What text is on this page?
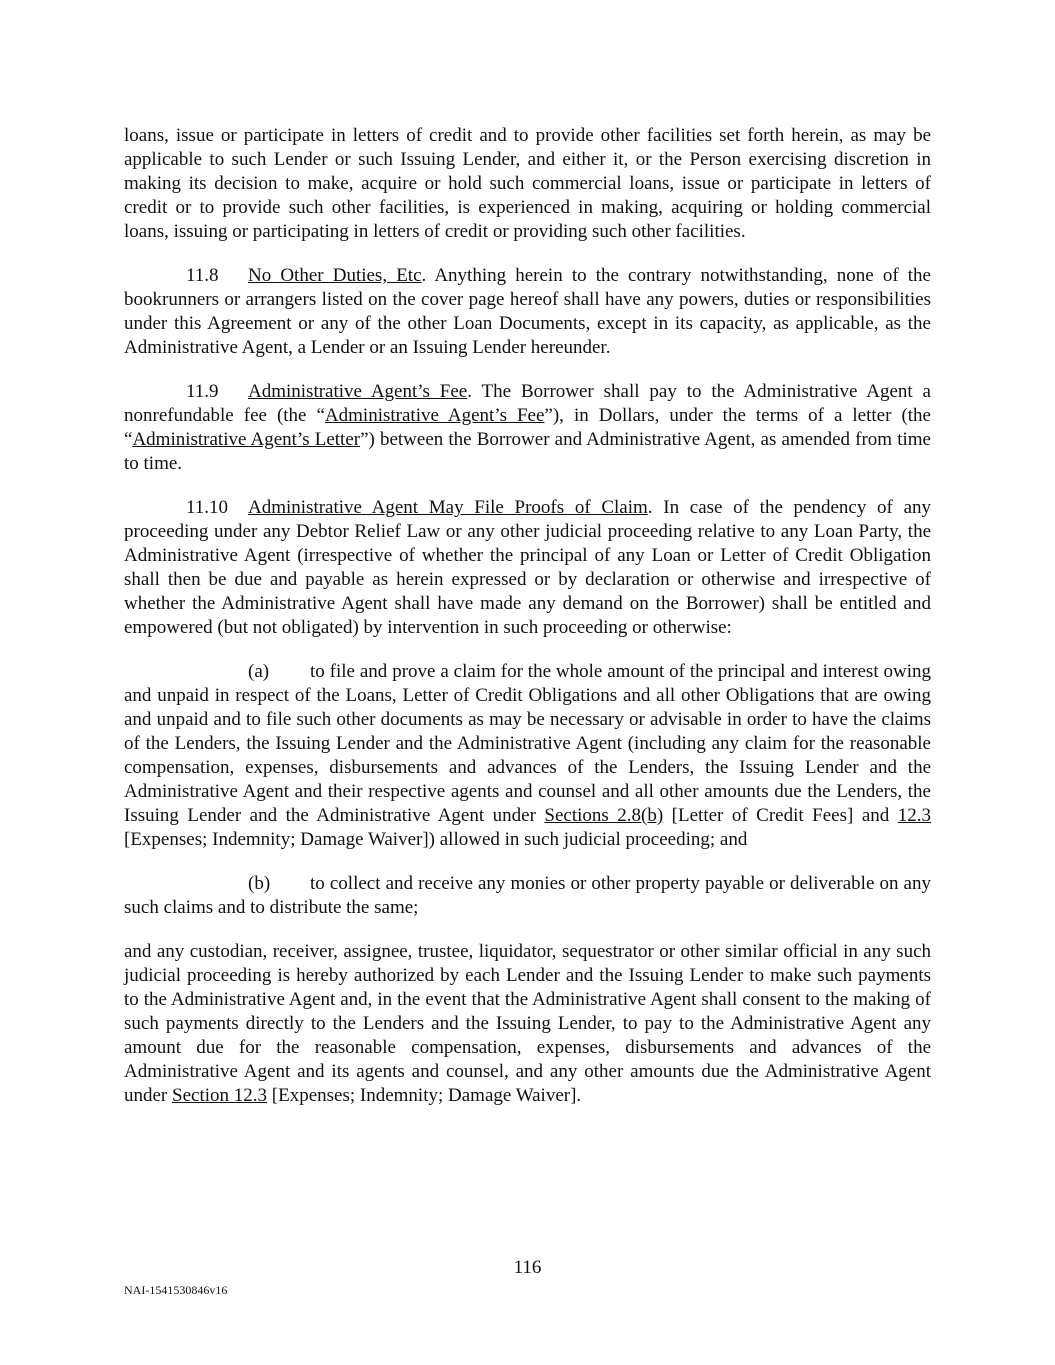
loans, issue or participate in letters of credit and to provide other facilities set forth herein, as may be applicable to such Lender or such Issuing Lender, and either it, or the Person exercising discretion in making its decision to make, acquire or hold such commercial loans, issue or participate in letters of credit or to provide such other facilities, is experienced in making, acquiring or holding commercial loans, issuing or participating in letters of credit or providing such other facilities.

11.8 No Other Duties, Etc. Anything herein to the contrary notwithstanding, none of the bookrunners or arrangers listed on the cover page hereof shall have any powers, duties or responsibilities under this Agreement or any of the other Loan Documents, except in its capacity, as applicable, as the Administrative Agent, a Lender or an Issuing Lender hereunder.

11.9 Administrative Agent’s Fee. The Borrower shall pay to the Administrative Agent a nonrefundable fee (the “Administrative Agent’s Fee”), in Dollars, under the terms of a letter (the “Administrative Agent’s Letter”) between the Borrower and Administrative Agent, as amended from time to time.

11.10 Administrative Agent May File Proofs of Claim. In case of the pendency of any proceeding under any Debtor Relief Law or any other judicial proceeding relative to any Loan Party, the Administrative Agent (irrespective of whether the principal of any Loan or Letter of Credit Obligation shall then be due and payable as herein expressed or by declaration or otherwise and irrespective of whether the Administrative Agent shall have made any demand on the Borrower) shall be entitled and empowered (but not obligated) by intervention in such proceeding or otherwise:

(a) to file and prove a claim for the whole amount of the principal and interest owing and unpaid in respect of the Loans, Letter of Credit Obligations and all other Obligations that are owing and unpaid and to file such other documents as may be necessary or advisable in order to have the claims of the Lenders, the Issuing Lender and the Administrative Agent (including any claim for the reasonable compensation, expenses, disbursements and advances of the Lenders, the Issuing Lender and the Administrative Agent and their respective agents and counsel and all other amounts due the Lenders, the Issuing Lender and the Administrative Agent under Sections 2.8(b) [Letter of Credit Fees] and 12.3 [Expenses; Indemnity; Damage Waiver]) allowed in such judicial proceeding; and

(b) to collect and receive any monies or other property payable or deliverable on any such claims and to distribute the same;

and any custodian, receiver, assignee, trustee, liquidator, sequestrator or other similar official in any such judicial proceeding is hereby authorized by each Lender and the Issuing Lender to make such payments to the Administrative Agent and, in the event that the Administrative Agent shall consent to the making of such payments directly to the Lenders and the Issuing Lender, to pay to the Administrative Agent any amount due for the reasonable compensation, expenses, disbursements and advances of the Administrative Agent and its agents and counsel, and any other amounts due the Administrative Agent under Section 12.3 [Expenses; Indemnity; Damage Waiver].

116
NAI-1541530846v16
